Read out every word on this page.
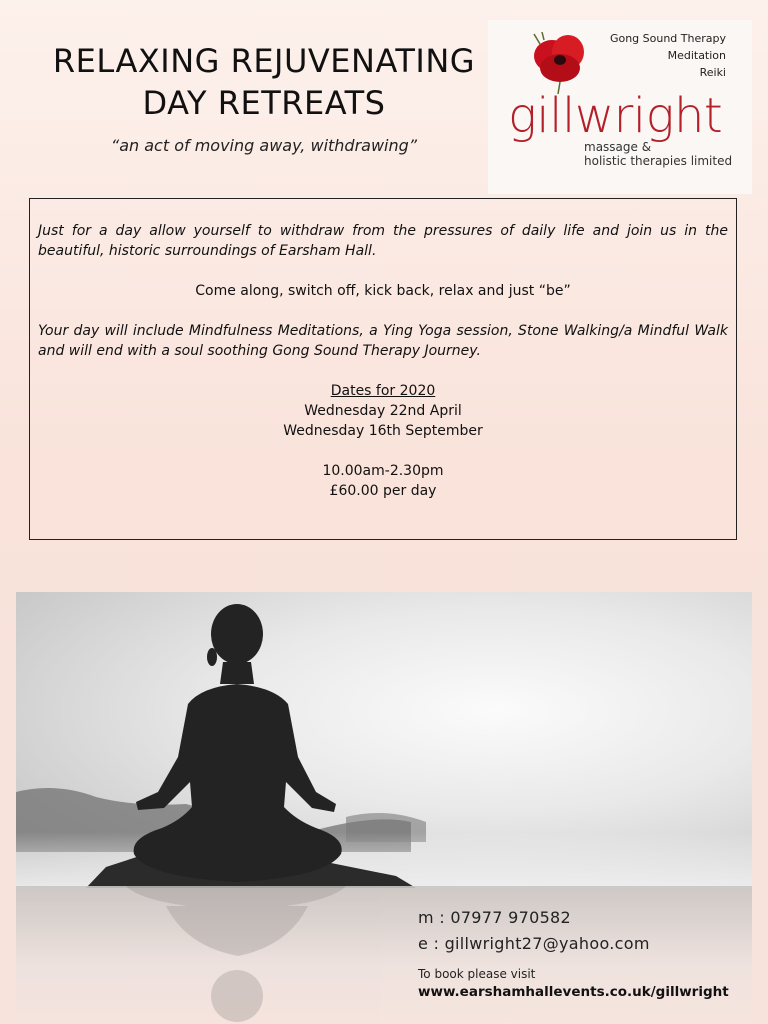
RELAXING REJUVENATING
DAY RETREATS
“an act of moving away, withdrawing”
Gong Sound Therapy
Meditation
Reiki
gillwright
massage &
holistic therapies limited

Just for a day allow yourself to withdraw from the pressures of daily life and join us in the beautiful, historic surroundings of Earsham Hall.

Come along, switch off, kick back, relax and just “be”

Your day will include Mindfulness Meditations, a Ying Yoga session, Stone Walking/a Mindful Walk and will end with a soul soothing Gong Sound Therapy Journey.

Dates for 2020

Wednesday 22nd April

Wednesday 16th September

10.00am-2.30pm

£60.00 per day

m : 07977 970582
e : gillwright27@yahoo.com
To book please visit
www.earshamhallevents.co.uk/gillwright
